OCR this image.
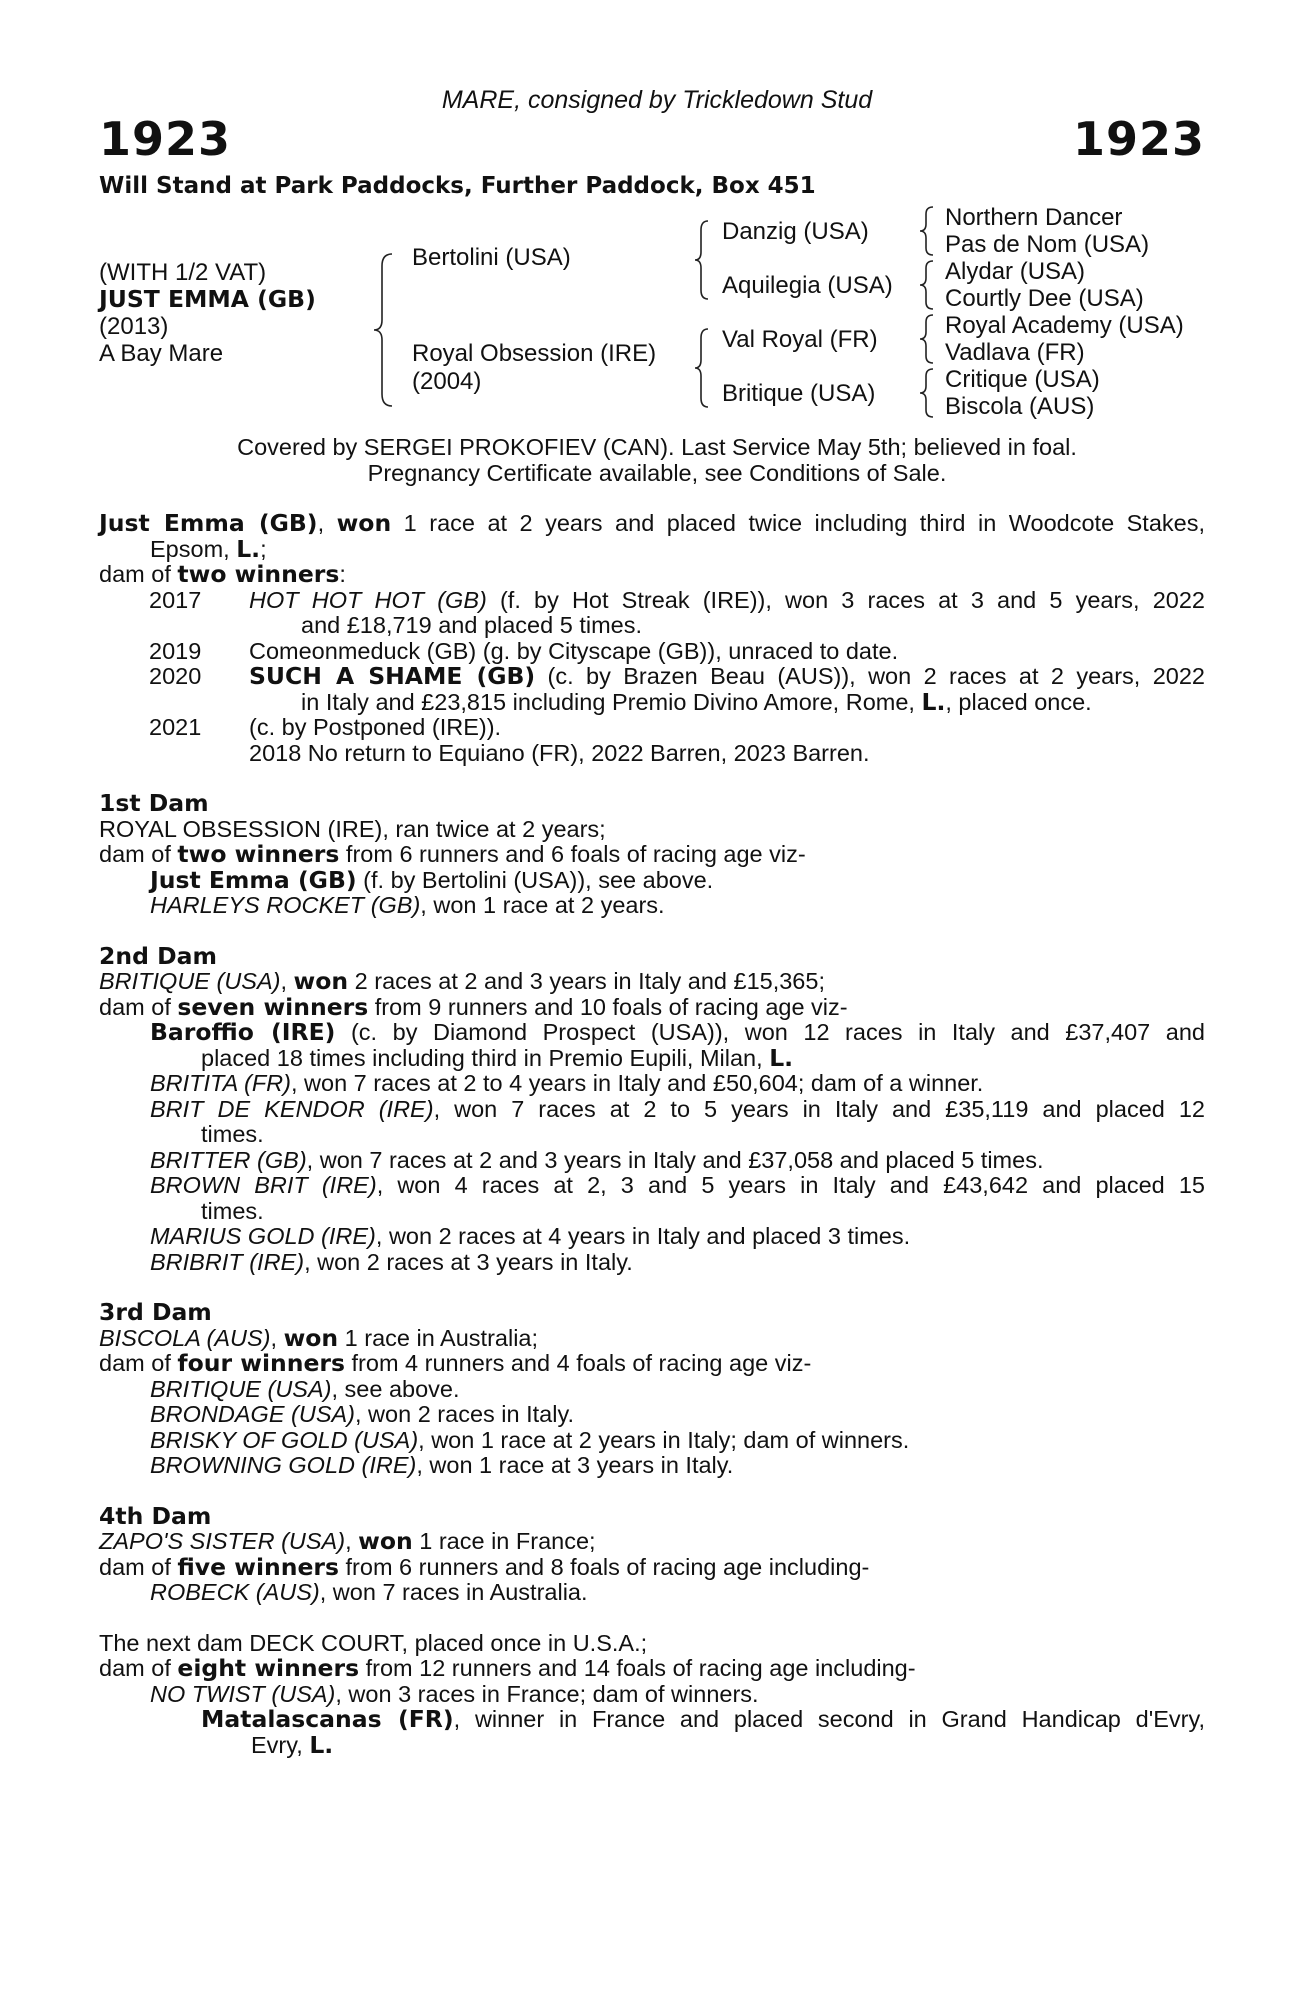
MARE, consigned by Trickledown Stud
1923	1923
Will Stand at Park Paddocks, Further Paddock, Box 451
(WITH 1/2 VAT)
JUST EMMA (GB)
(2013)
A Bay Mare
Bertolini (USA)
Royal Obsession (IRE)
(2004)
Danzig (USA)
Aquilegia (USA)
Val Royal (FR)
Britique (USA)
Northern Dancer
Pas de Nom (USA)
Alydar (USA)
Courtly Dee (USA)
Royal Academy (USA)
Vadlava (FR)
Critique (USA)
Biscola (AUS)
Covered by SERGEI PROKOFIEV (CAN). Last Service May 5th; believed in foal.
Pregnancy Certificate available, see Conditions of Sale.

Just Emma (GB), won 1 race at 2 years and placed twice including third in Woodcote Stakes,

Epsom, L.;

dam of two winners:

2017 HOT HOT HOT (GB) (f. by Hot Streak (IRE)), won 3 races at 3 and 5 years, 2022

and £18,719 and placed 5 times.

2019 Comeonmeduck (GB) (g. by Cityscape (GB)), unraced to date.

2020 SUCH A SHAME (GB) (c. by Brazen Beau (AUS)), won 2 races at 2 years, 2022

in Italy and £23,815 including Premio Divino Amore, Rome, L., placed once.

2021 (c. by Postponed (IRE)).

2018 No return to Equiano (FR), 2022 Barren, 2023 Barren.

1st Dam

ROYAL OBSESSION (IRE), ran twice at 2 years;

dam of two winners from 6 runners and 6 foals of racing age viz-

Just Emma (GB) (f. by Bertolini (USA)), see above.

HARLEYS ROCKET (GB), won 1 race at 2 years.

2nd Dam

BRITIQUE (USA), won 2 races at 2 and 3 years in Italy and £15,365;

dam of seven winners from 9 runners and 10 foals of racing age viz-

Baroffio (IRE) (c. by Diamond Prospect (USA)), won 12 races in Italy and £37,407 and

placed 18 times including third in Premio Eupili, Milan, L.

BRITITA (FR), won 7 races at 2 to 4 years in Italy and £50,604; dam of a winner.

BRIT DE KENDOR (IRE), won 7 races at 2 to 5 years in Italy and £35,119 and placed 12

times.

BRITTER (GB), won 7 races at 2 and 3 years in Italy and £37,058 and placed 5 times.

BROWN BRIT (IRE), won 4 races at 2, 3 and 5 years in Italy and £43,642 and placed 15

times.

MARIUS GOLD (IRE), won 2 races at 4 years in Italy and placed 3 times.

BRIBRIT (IRE), won 2 races at 3 years in Italy.

3rd Dam

BISCOLA (AUS), won 1 race in Australia;

dam of four winners from 4 runners and 4 foals of racing age viz-

BRITIQUE (USA), see above.

BRONDAGE (USA), won 2 races in Italy.

BRISKY OF GOLD (USA), won 1 race at 2 years in Italy; dam of winners.

BROWNING GOLD (IRE), won 1 race at 3 years in Italy.

4th Dam

ZAPO'S SISTER (USA), won 1 race in France;

dam of five winners from 6 runners and 8 foals of racing age including-

ROBECK (AUS), won 7 races in Australia.

The next dam DECK COURT, placed once in U.S.A.;

dam of eight winners from 12 runners and 14 foals of racing age including-

NO TWIST (USA), won 3 races in France; dam of winners.

Matalascanas (FR), winner in France and placed second in Grand Handicap d'Evry,

Evry, L.
